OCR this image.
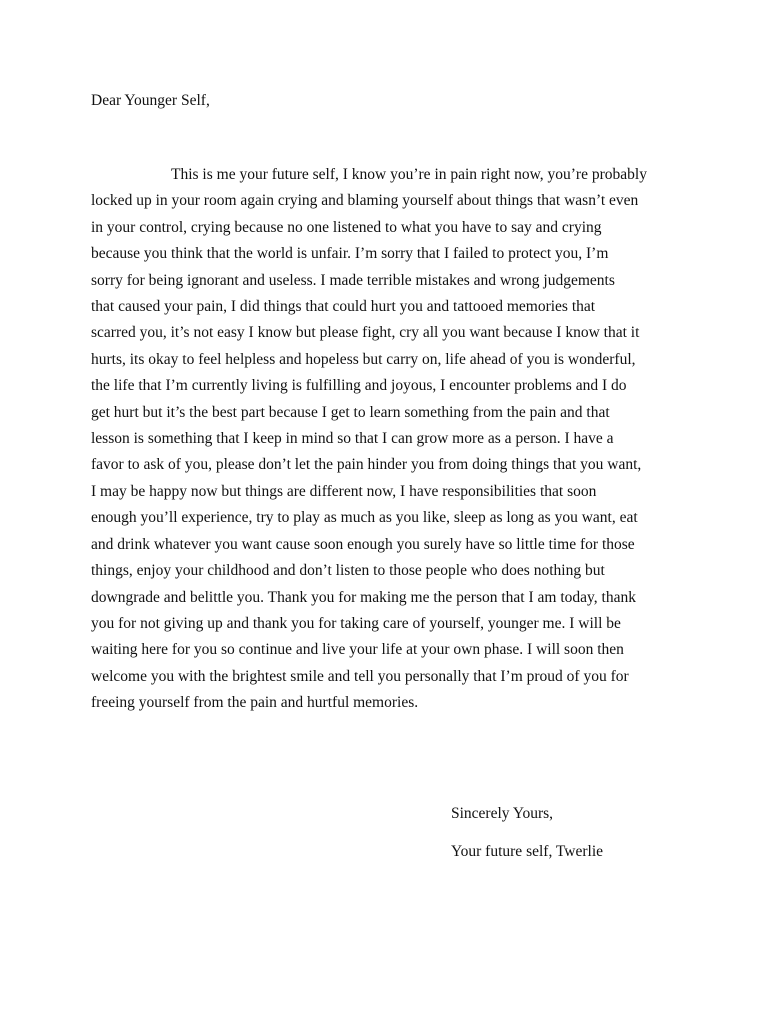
Dear Younger Self,

This is me your future self, I know you’re in pain right now, you’re probably
locked up in your room again crying and blaming yourself about things that wasn’t even
in your control, crying because no one listened to what you have to say and crying
because you think that the world is unfair. I’m sorry that I failed to protect you, I’m
sorry for being ignorant and useless. I made terrible mistakes and wrong judgements
that caused your pain, I did things that could hurt you and tattooed memories that
scarred you, it’s not easy I know but please fight, cry all you want because I know that it
hurts, its okay to feel helpless and hopeless but carry on, life ahead of you is wonderful,
the life that I’m currently living is fulfilling and joyous, I encounter problems and I do
get hurt but it’s the best part because I get to learn something from the pain and that
lesson is something that I keep in mind so that I can grow more as a person. I have a
favor to ask of you, please don’t let the pain hinder you from doing things that you want,
I may be happy now but things are different now, I have responsibilities that soon
enough you’ll experience, try to play as much as you like, sleep as long as you want, eat
and drink whatever you want cause soon enough you surely have so little time for those
things, enjoy your childhood and don’t listen to those people who does nothing but
downgrade and belittle you. Thank you for making me the person that I am today, thank
you for not giving up and thank you for taking care of yourself, younger me. I will be
waiting here for you so continue and live your life at your own phase. I will soon then
welcome you with the brightest smile and tell you personally that I’m proud of you for
freeing yourself from the pain and hurtful memories.

Sincerely Yours,

Your future self, Twerlie
